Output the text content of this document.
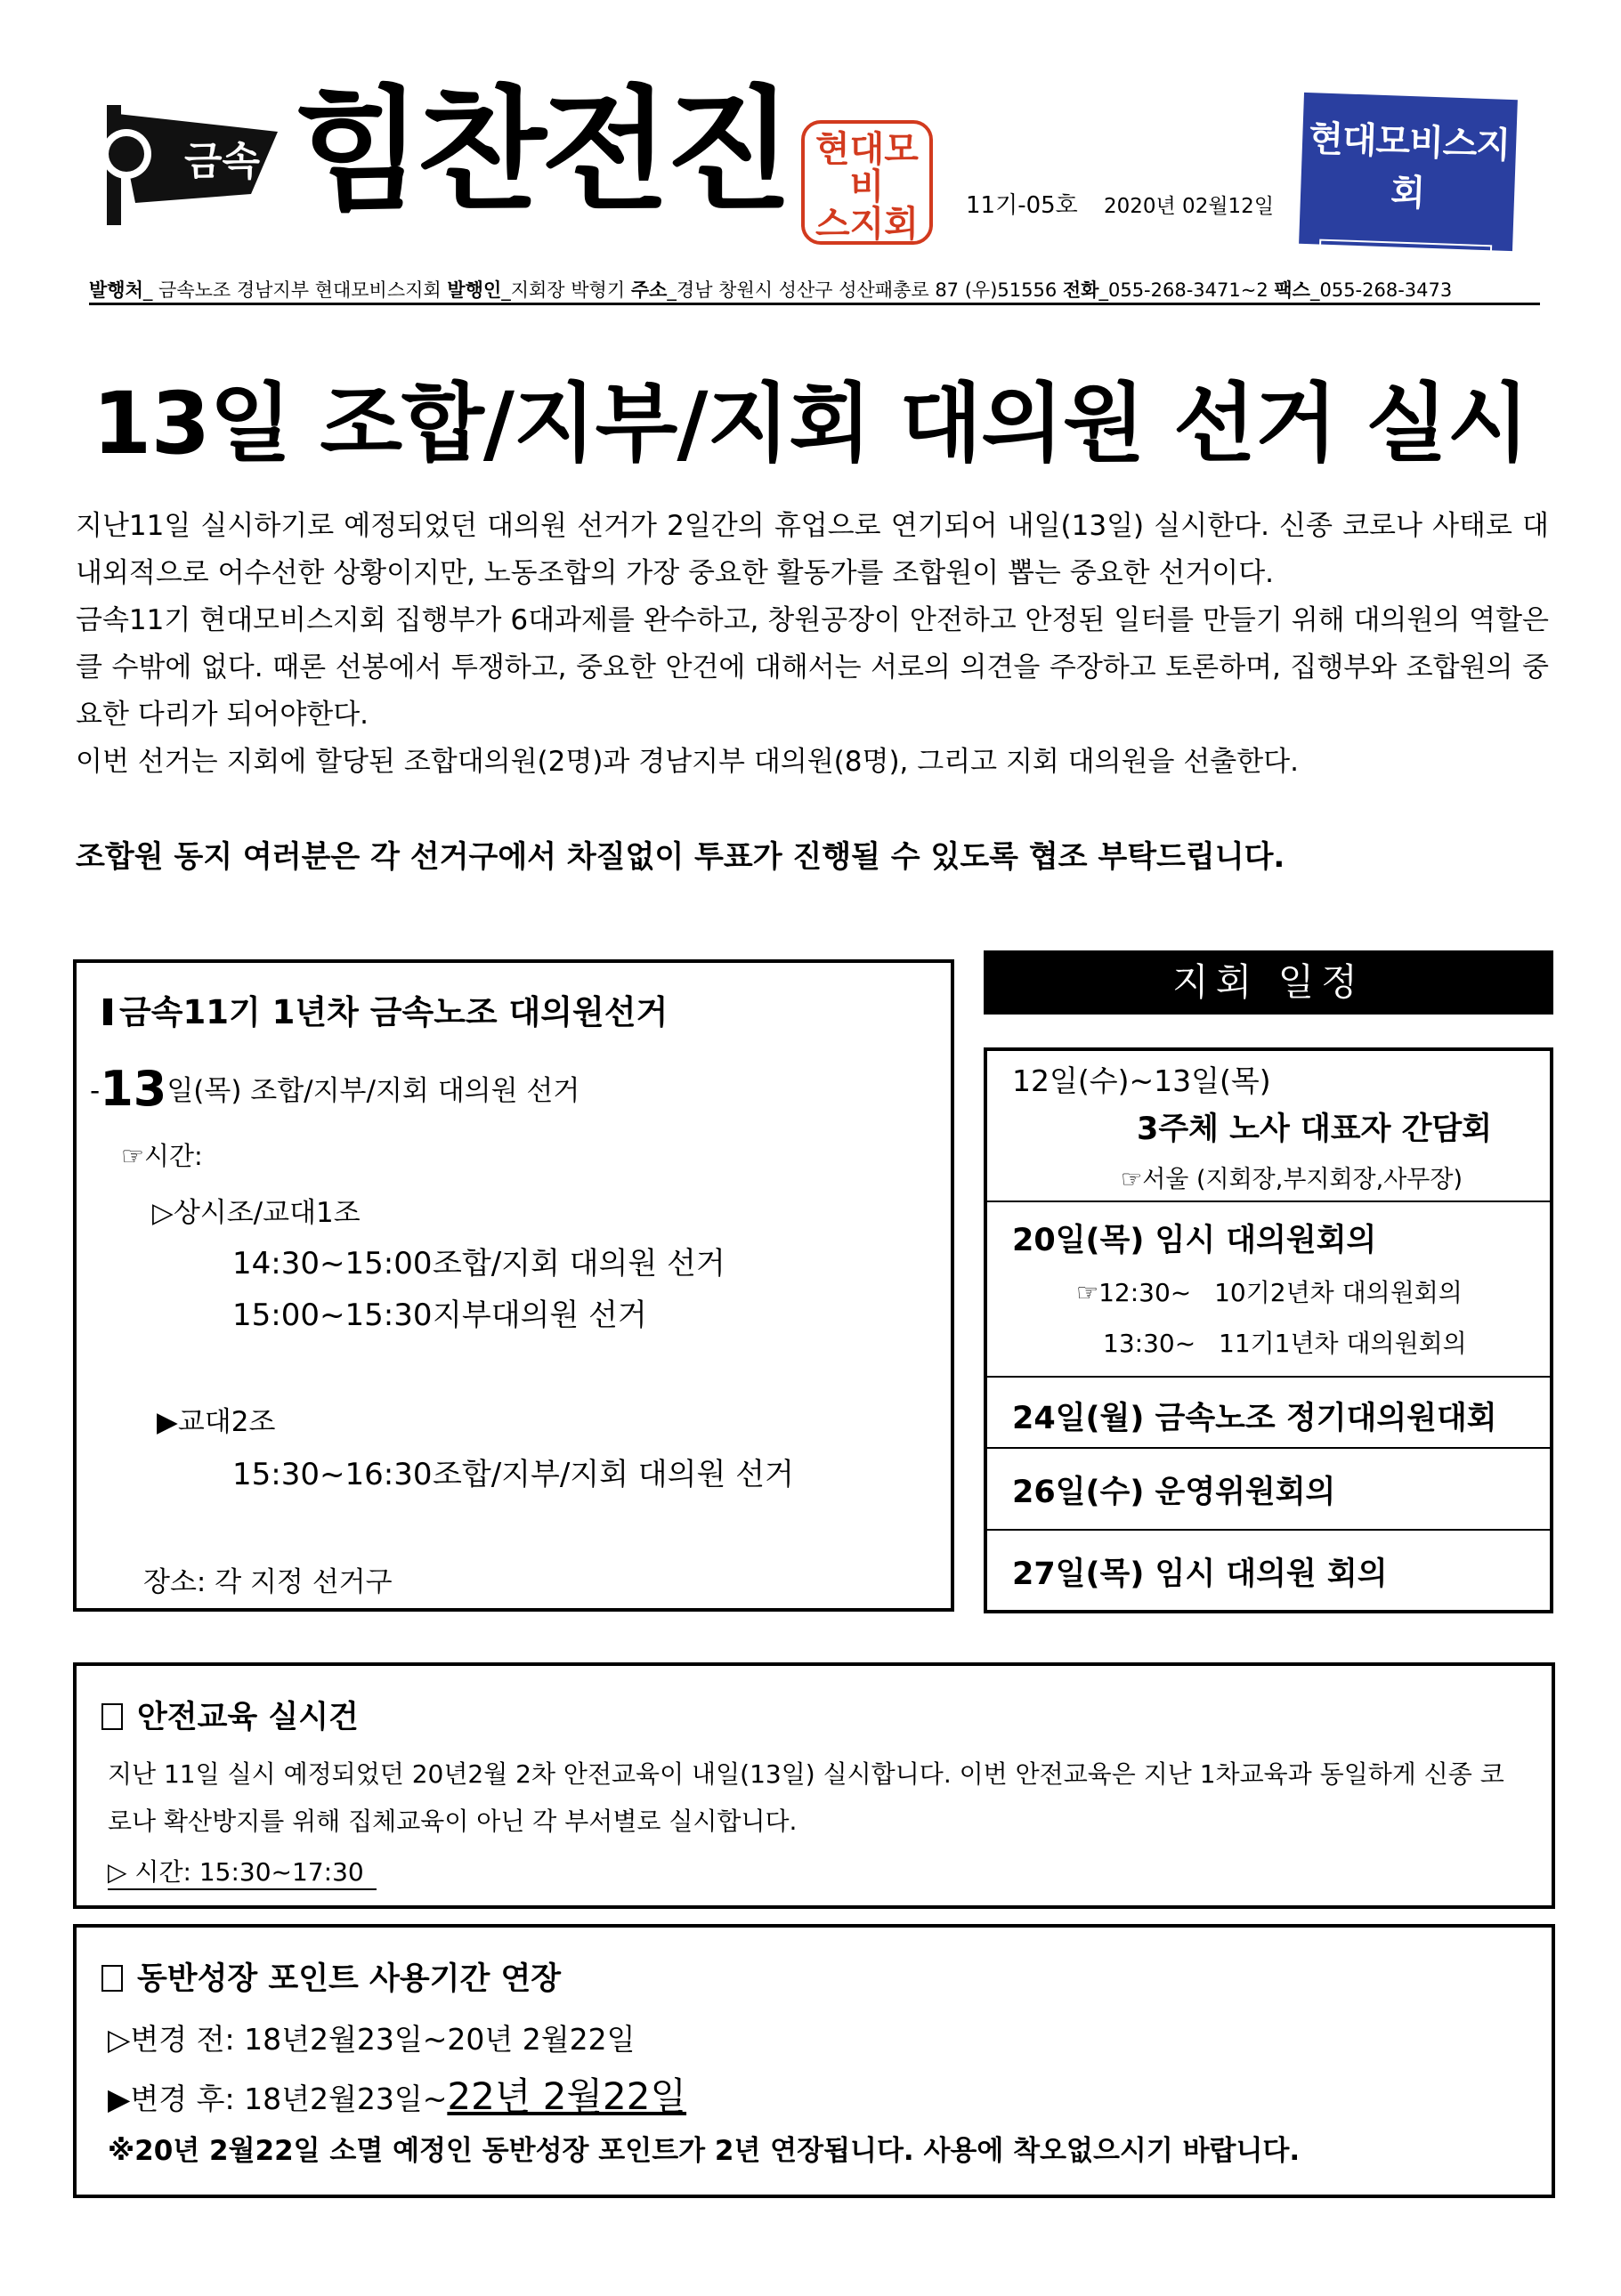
금속 힘찬전진 현대모비
스지회	11기-05호 2020년 02월12일
현대모비스지회
전국금속노동조합
발행처_ 금속노조 경남지부 현대모비스지회 발행인_지회장 박형기 주소_경남 창원시 성산구 성산패총로 87 (우)51556 전화_055-268-3471~2 팩스_055-268-3473
13일 조합/지부/지회 대의원 선거 실시

지난11일 실시하기로 예정되었던 대의원 선거가 2일간의 휴업으로 연기되어 내일(13일) 실시한다. 신종 코로나 사태로 대내외적으로 어수선한 상황이지만, 노동조합의 가장 중요한 활동가를 조합원이 뽑는 중요한 선거이다.

금속11기 현대모비스지회 집행부가 6대과제를 완수하고, 창원공장이 안전하고 안정된 일터를 만들기 위해 대의원의 역할은 클 수밖에 없다. 때론 선봉에서 투쟁하고, 중요한 안건에 대해서는 서로의 의견을 주장하고 토론하며, 집행부와 조합원의 중요한 다리가 되어야한다.

이번 선거는 지회에 할당된 조합대의원(2명)과 경남지부 대의원(8명), 그리고 지회 대의원을 선출한다.

조합원 동지 여러분은 각 선거구에서 차질없이 투표가 진행될 수 있도록 협조 부탁드립니다.
금속11기 1년차 금속노조 대의원선거
-13일(목) 조합/지부/지회 대의원 선거
☞시간:
▷상시조/교대1조
14:30~15:00조합/지회 대의원 선거
15:00~15:30지부대의원 선거
▶교대2조
15:30~16:30조합/지부/지회 대의원 선거
장소: 각 지정 선거구
지회 일정
12일(수)~13일(목)
3주체 노사 대표자 간담회
☞서울 (지회장,부지회장,사무장)
20일(목) 임시 대의원회의
☞12:30~ 10기2년차 대의원회의
13:30~ 11기1년차 대의원회의
24일(월) 금속노조 정기대의원대회
26일(수) 운영위원회의
27일(목) 임시 대의원 회의
안전교육 실시건
지난 11일 실시 예정되었던 20년2월 2차 안전교육이 내일(13일) 실시합니다. 이번 안전교육은 지난 1차교육과 동일하게 신종 코로나 확산방지를 위해 집체교육이 아닌 각 부서별로 실시합니다.
▷ 시간: 15:30~17:30
동반성장 포인트 사용기간 연장
▷변경 전: 18년2월23일~20년 2월22일
▶변경 후: 18년2월23일~22년 2월22일
※20년 2월22일 소멸 예정인 동반성장 포인트가 2년 연장됩니다. 사용에 착오없으시기 바랍니다.
